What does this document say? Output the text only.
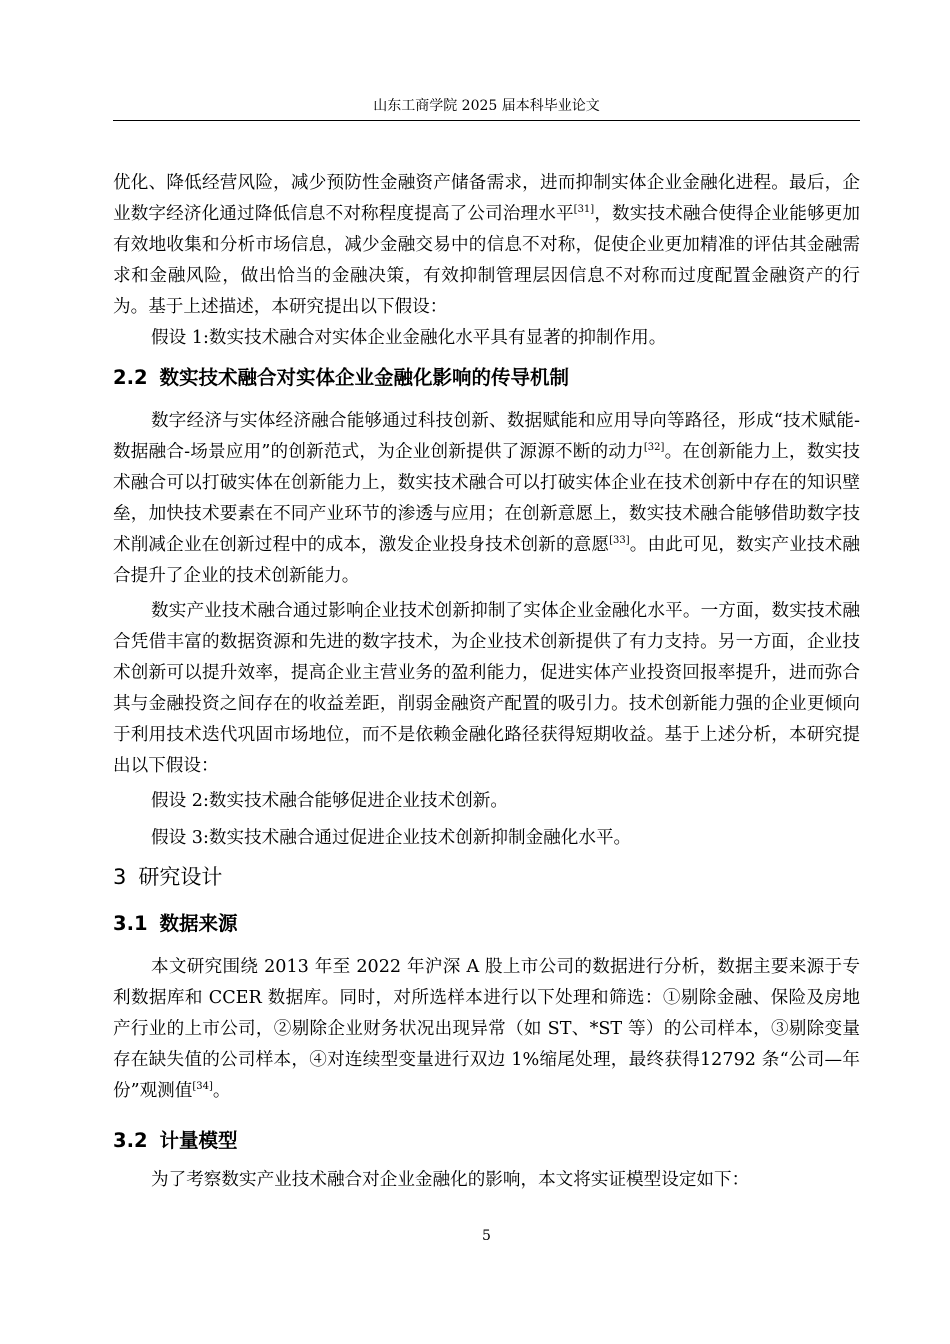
山东工商学院 2025 届本科毕业论文

优化、降低经营风险，减少预防性金融资产储备需求，进而抑制实体企业金融化进程。最后，企业数字经济化通过降低信息不对称程度提高了公司治理水平[31]，数实技术融合使得企业能够更加有效地收集和分析市场信息，减少金融交易中的信息不对称，促使企业更加精准的评估其金融需求和金融风险，做出恰当的金融决策，有效抑制管理层因信息不对称而过度配置金融资产的行为。基于上述描述，本研究提出以下假设：

假设 1:数实技术融合对实体企业金融化水平具有显著的抑制作用。

2.2 数实技术融合对实体企业金融化影响的传导机制

数字经济与实体经济融合能够通过科技创新、数据赋能和应用导向等路径，形成“技术赋能-数据融合-场景应用”的创新范式，为企业创新提供了源源不断的动力[32]。在创新能力上，数实技术融合可以打破实体在创新能力上，数实技术融合可以打破实体企业在技术创新中存在的知识壁垒，加快技术要素在不同产业环节的渗透与应用；在创新意愿上，数实技术融合能够借助数字技术削减企业在创新过程中的成本，激发企业投身技术创新的意愿[33]。由此可见，数实产业技术融合提升了企业的技术创新能力。

数实产业技术融合通过影响企业技术创新抑制了实体企业金融化水平。一方面，数实技术融合凭借丰富的数据资源和先进的数字技术，为企业技术创新提供了有力支持。另一方面，企业技术创新可以提升效率，提高企业主营业务的盈利能力，促进实体产业投资回报率提升，进而弥合其与金融投资之间存在的收益差距，削弱金融资产配置的吸引力。技术创新能力强的企业更倾向于利用技术迭代巩固市场地位，而不是依赖金融化路径获得短期收益。基于上述分析，本研究提出以下假设：

假设 2:数实技术融合能够促进企业技术创新。

假设 3:数实技术融合通过促进企业技术创新抑制金融化水平。

3 研究设计
3.1 数据来源

本文研究围绕 2013 年至 2022 年沪深 A 股上市公司的数据进行分析，数据主要来源于专利数据库和 CCER 数据库。同时，对所选样本进行以下处理和筛选：①剔除金融、保险及房地产行业的上市公司，②剔除企业财务状况出现异常（如 ST、*ST 等）的公司样本，③剔除变量存在缺失值的公司样本，④对连续型变量进行双边 1%缩尾处理，最终获得12792 条“公司—年份”观测值[34]。

3.2 计量模型

为了考察数实产业技术融合对企业金融化的影响，本文将实证模型设定如下：

5
